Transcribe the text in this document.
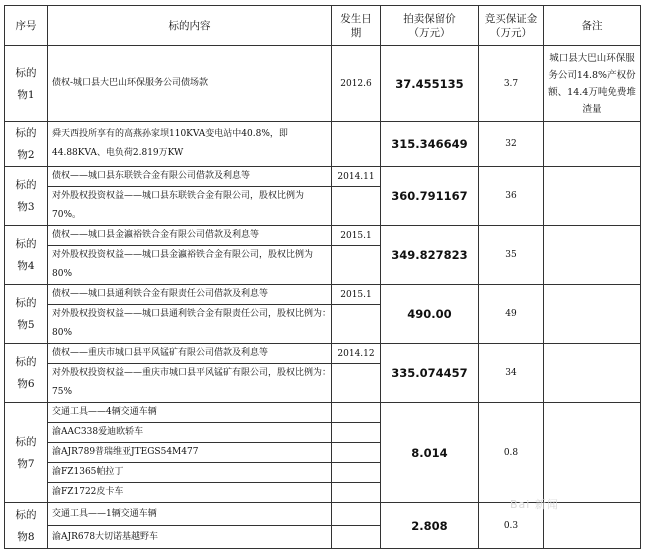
序号	标的内容	发生日期	拍卖保留价（万元）	竞买保证金（万元）	备注
标的物1	债权-城口县大巴山环保服务公司债场款	2012.6	37.455135	3.7	城口县大巴山环保服务公司14.8%产权份额、14.4万吨免费堆渣量
标的物2	舜天西投所享有的高燕孙家坝110KVA变电站中40.8%，即44.88KVA、电负荷2.819万KW		315.346649	32	
标的物3	债权——城口县东联铁合金有限公司借款及利息等	2014.11	360.791167	36	
	对外股权投资权益——城口县东联铁合金有限公司，股权比例为70%。				
标的物4	债权——城口县金瀛裕铁合金有限公司借款及利息等	2015.1	349.827823	35	
	对外股权投资权益——城口县金瀛裕铁合金有限公司，股权比例为80%				
标的物5	债权——城口县通利铁合金有限责任公司借款及利息等	2015.1	490.00	49	
	对外股权投资权益——城口县通利铁合金有限责任公司，股权比例为：80%				
标的物6	债权——重庆市城口县平风锰矿有限公司借款及利息等	2014.12	335.074457	34	
	对外股权投资权益——重庆市城口县平风锰矿有限公司，股权比例为：75%				
标的物7	交通工具——4辆交通车辆		8.014	0.8	
	渝AAC338爱迪欧轿车				
	渝AJR789普瑞维亚JTEGS54M477				
	渝FZ1365帕拉丁				
	渝FZ1722皮卡车				
标的物8	交通工具——1辆交通车辆		2.808	0.3	
	渝AJR678大切诺基越野车				
Bai 新闻
